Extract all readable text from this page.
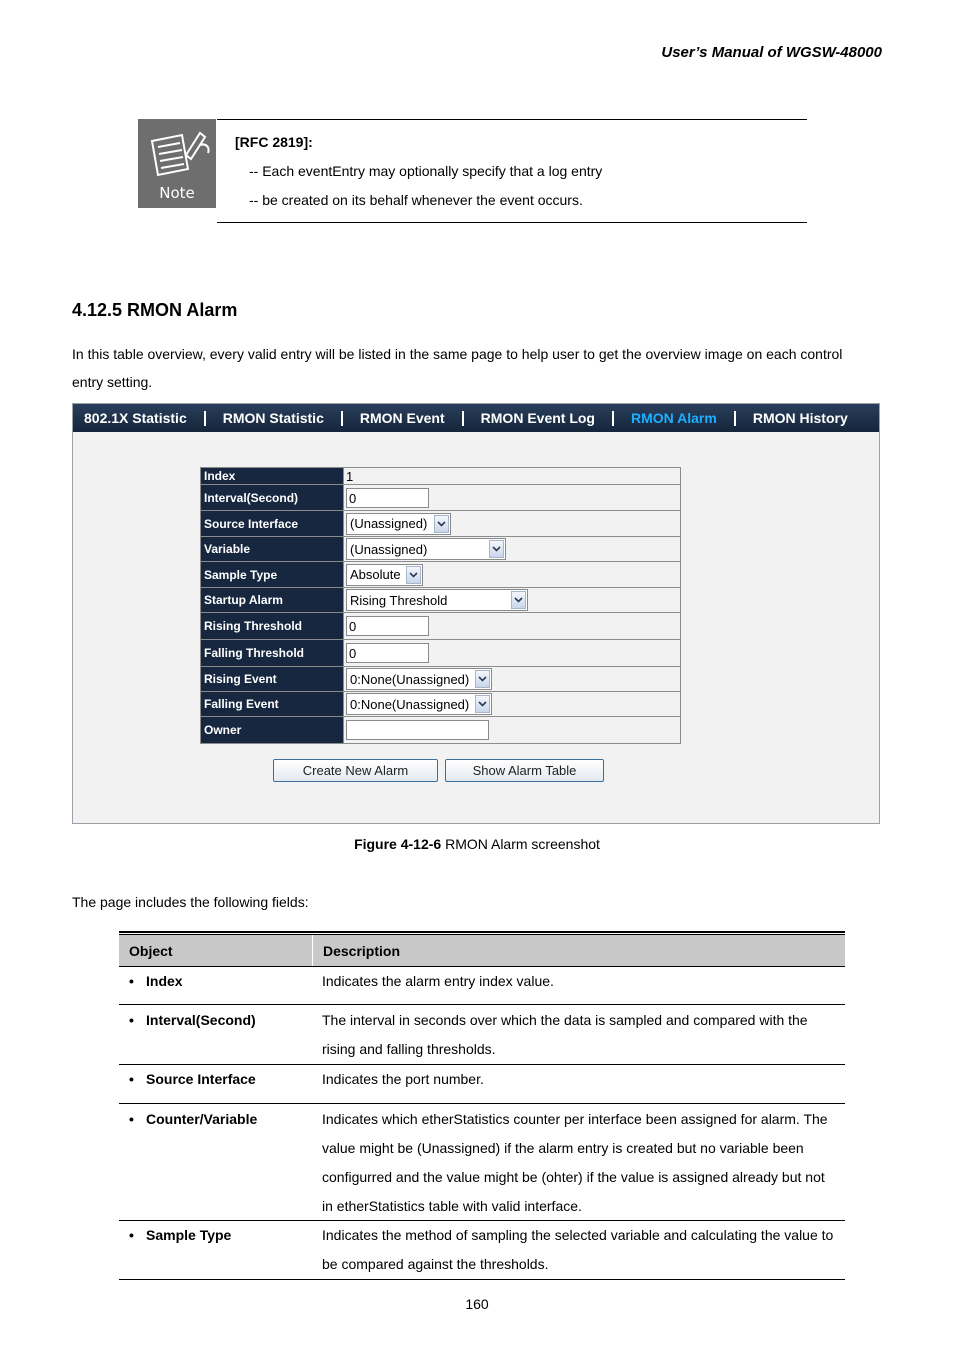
User’s Manual of WGSW-48000
Note
[RFC 2819]:
-- Each eventEntry may optionally specify that a log entry
-- be created on its behalf whenever the event occurs.
4.12.5 RMON Alarm
In this table overview, every valid entry will be listed in the same page to help user to get the overview image on each control
entry setting.
802.1X Statistic	RMON Statistic	RMON Event	RMON Event Log	RMON Alarm	RMON History
Index	1
Interval(Second)	0
Source Interface	(Unassigned)
Variable	(Unassigned)
Sample Type	Absolute
Startup Alarm	Rising Threshold
Rising Threshold	0
Falling Threshold	0
Rising Event	0:None(Unassigned)
Falling Event	0:None(Unassigned)
Owner
Create New Alarm	Show Alarm Table
Figure 4-12-6 RMON Alarm screenshot
The page includes the following fields:
Object	Description
• Index	Indicates the alarm entry index value.
• Interval(Second)	The interval in seconds over which the data is sampled and compared with the rising and falling thresholds.
• Source Interface	Indicates the port number.
• Counter/Variable	Indicates which etherStatistics counter per interface been assigned for alarm. The value might be (Unassigned) if the alarm entry is created but no variable been configurred and the value might be (ohter) if the value is assigned already but not in etherStatistics table with valid interface.
• Sample Type	Indicates the method of sampling the selected variable and calculating the value to be compared against the thresholds.
160
